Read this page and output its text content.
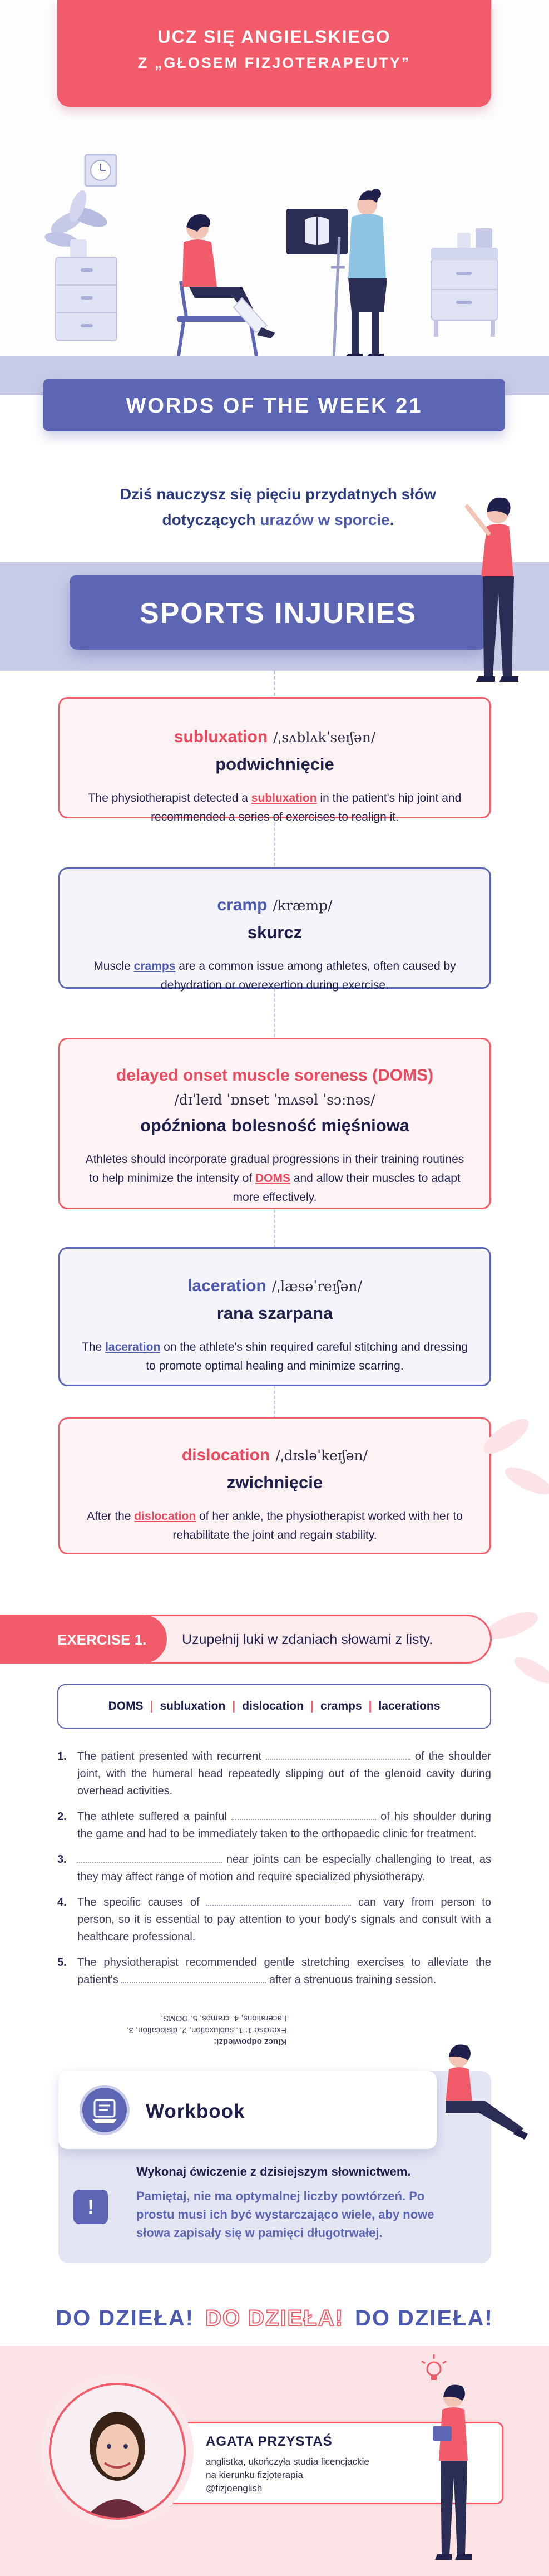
UCZ SIĘ ANGIELSKIEGO
Z „GŁOSEM FIZJOTERAPEUTY”
WORDS OF THE WEEK 21
Dziś nauczysz się pięciu przydatnych słów
dotyczących urazów w sporcie.
SPORTS INJURIES
subluxation /ˌsʌblʌkˈseɪʃən/
podwichnięcie
The physiotherapist detected a subluxation in the patient's hip joint and recommended a series of exercises to realign it.
cramp /kræmp/
skurcz
Muscle cramps are a common issue among athletes, often caused by dehydration or overexertion during exercise.
delayed onset muscle soreness (DOMS)
/dɪˈleɪd ˈɒnset ˈmʌsəl ˈsɔːnəs/
opóźniona bolesność mięśniowa
Athletes should incorporate gradual progressions in their training routines to help minimize the intensity of DOMS and allow their muscles to adapt more effectively.
laceration /ˌlæsəˈreɪʃən/
rana szarpana
The laceration on the athlete's shin required careful stitching and dressing to promote optimal healing and minimize scarring.
dislocation /ˌdɪsləˈkeɪʃən/
zwichnięcie
After the dislocation of her ankle, the physiotherapist worked with her to rehabilitate the joint and regain stability.
Uzupełnij luki w zdaniach słowami z listy.
EXERCISE 1.
DOMS | subluxation | dislocation | cramps | lacerations
1. The patient presented with recurrent	of the shoulder joint, with the humeral head repeatedly slipping out of the glenoid cavity during overhead activities.
2. The athlete suffered a painful	of his shoulder during the game and had to be immediately taken to the orthopaedic clinic for treatment.
3.	near joints can be especially challenging to treat, as they may affect range of motion and require specialized physiotherapy.
4. The specific causes of	can vary from person to person, so it is essential to pay attention to your body's signals and consult with a healthcare professional.
5. The physiotherapist recommended gentle stretching exercises to alleviate the patient's	after a strenuous training session.
Klucz odpowiedzi:
Exercise 1: 1. subluxation, 2. dislocation, 3. Lacerations, 4. cramps, 5. DOMS.
Workbook
Wykonaj ćwiczenie z dzisiejszym słownictwem.
!	Pamiętaj, nie ma optymalnej liczby powtórzeń. Po prostu musi ich być wystarczająco wiele, aby nowe słowa zapisały się w pamięci długotrwałej.
DO DZIEŁA! DO DZIEŁA! DO DZIEŁA!
AGATA PRZYSTAŚ
anglistka, ukończyła studia licencjackie
na kierunku fizjoterapia
@fizjoenglish
